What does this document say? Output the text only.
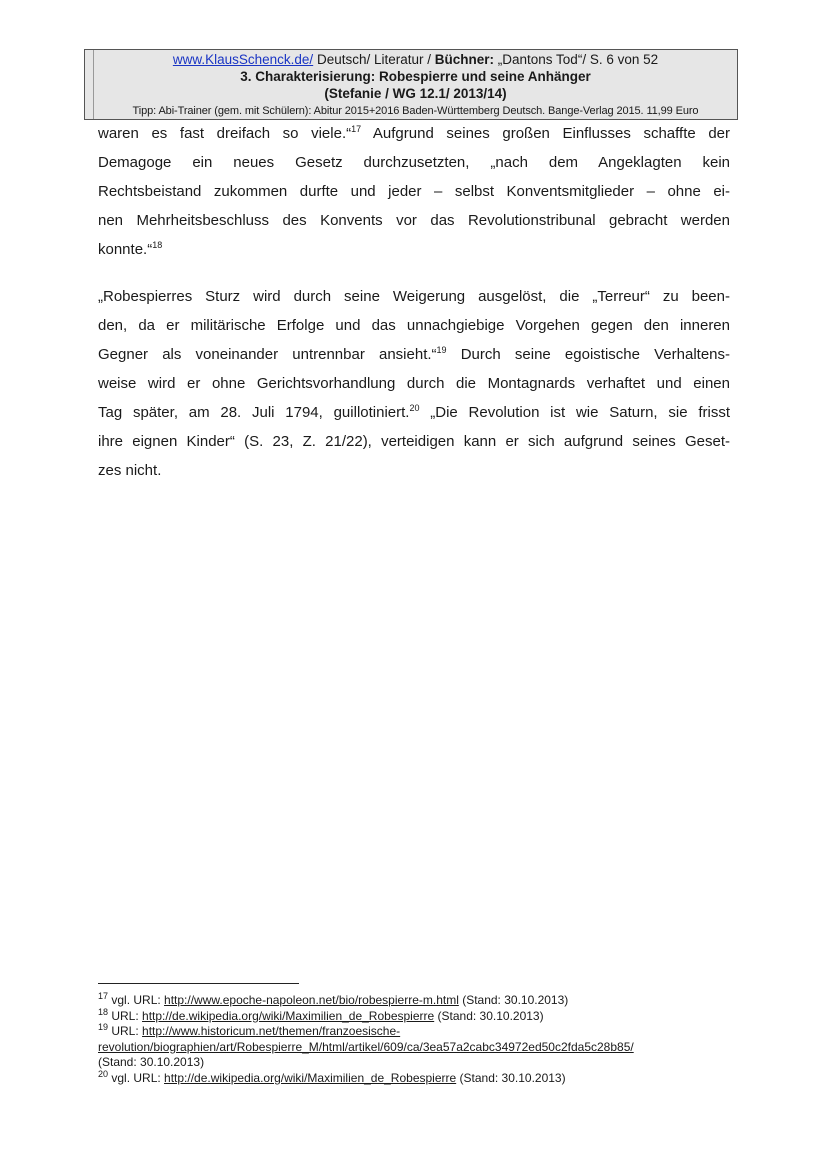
www.KlausSchenck.de/ Deutsch/ Literatur / Büchner: „Dantons Tod“/ S. 6 von 52
3. Charakterisierung: Robespierre und seine Anhänger
(Stefanie / WG 12.1/ 2013/14)
Tipp: Abi-Trainer (gem. mit Schülern): Abitur 2015+2016 Baden-Württemberg Deutsch. Bange-Verlag 2015. 11,99 Euro
waren es fast dreifach so viele.“$^{17}$ Aufgrund seines großen Einflusses schaffte der
Demagoge ein neues Gesetz durchzusetzten, „nach dem Angeklagten kein
Rechtsbeistand zukommen durfte und jeder – selbst Konventsmitglieder – ohne ei-
nen Mehrheitsbeschluss des Konvents vor das Revolutionstribunal gebracht werden
konnte.“$^{18}$
„Robespierres Sturz wird durch seine Weigerung ausgelöst, die „Terreur“ zu been-
den, da er militärische Erfolge und das unnachgiebige Vorgehen gegen den inneren
Gegner als voneinander untrennbar ansieht.“$^{19}$ Durch seine egoistische Verhaltens-
weise wird er ohne Gerichtsvorhandlung durch die Montagnards verhaftet und einen
Tag später, am 28. Juli 1794, guillotiniert.$^{20}$ „Die Revolution ist wie Saturn, sie frisst
ihre eignen Kinder“ (S. 23, Z. 21/22), verteidigen kann er sich aufgrund seines Geset-
zes nicht.
$^{17}$ vgl. URL: http://www.epoche-napoleon.net/bio/robespierre-m.html (Stand: 30.10.2013)
$^{18}$ URL: http://de.wikipedia.org/wiki/Maximilien_de_Robespierre (Stand: 30.10.2013)
$^{19}$ URL: http://www.historicum.net/themen/franzoesische-
revolution/biographien/art/Robespierre_M/html/artikel/609/ca/3ea57a2cabc34972ed50c2fda5c28b85/
(Stand: 30.10.2013)
$^{20}$ vgl. URL: http://de.wikipedia.org/wiki/Maximilien_de_Robespierre (Stand: 30.10.2013)
